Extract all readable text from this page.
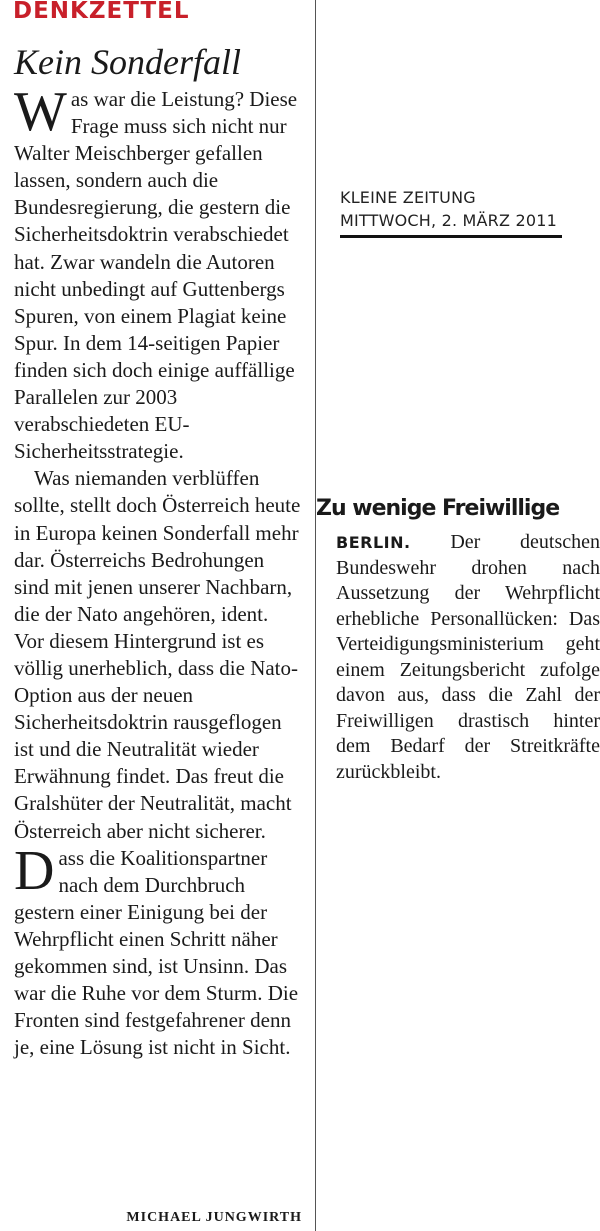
DENKZETTEL
Kein Sonderfall

Was war die Leistung? Diese Frage muss sich nicht nur Walter Meischberger gefallen lassen, sondern auch die Bundesregierung, die gestern die Sicherheitsdoktrin verabschiedet hat. Zwar wandeln die Autoren nicht unbedingt auf Guttenbergs Spuren, von einem Plagiat keine Spur. In dem 14-seitigen Papier finden sich doch einige auffällige Parallelen zur 2003 verabschiedeten EU-Sicherheitsstrategie.

Was niemanden verblüffen sollte, stellt doch Österreich heute in Europa keinen Sonderfall mehr dar. Österreichs Bedrohungen sind mit jenen unserer Nachbarn, die der Nato angehören, ident. Vor diesem Hintergrund ist es völlig unerheblich, dass die Nato-Option aus der neuen Sicherheitsdoktrin rausgeflogen ist und die Neutralität wieder Erwähnung findet. Das freut die Gralshüter der Neutralität, macht Österreich aber nicht sicherer.

Dass die Koalitionspartner nach dem Durchbruch gestern einer Einigung bei der Wehrpflicht einen Schritt näher gekommen sind, ist Unsinn. Das war die Ruhe vor dem Sturm. Die Fronten sind festgefahrener denn je, eine Lösung ist nicht in Sicht.

MICHAEL JUNGWIRTH
KLEINE ZEITUNG
MITTWOCH, 2. MÄRZ 2011
Zu wenige Freiwillige

BERLIN. Der deutschen Bundeswehr drohen nach Aussetzung der Wehrpflicht erhebliche Personallücken: Das Verteidigungsministerium geht einem Zeitungsbericht zufolge davon aus, dass die Zahl der Freiwilligen drastisch hinter dem Bedarf der Streitkräfte zurückbleibt.
